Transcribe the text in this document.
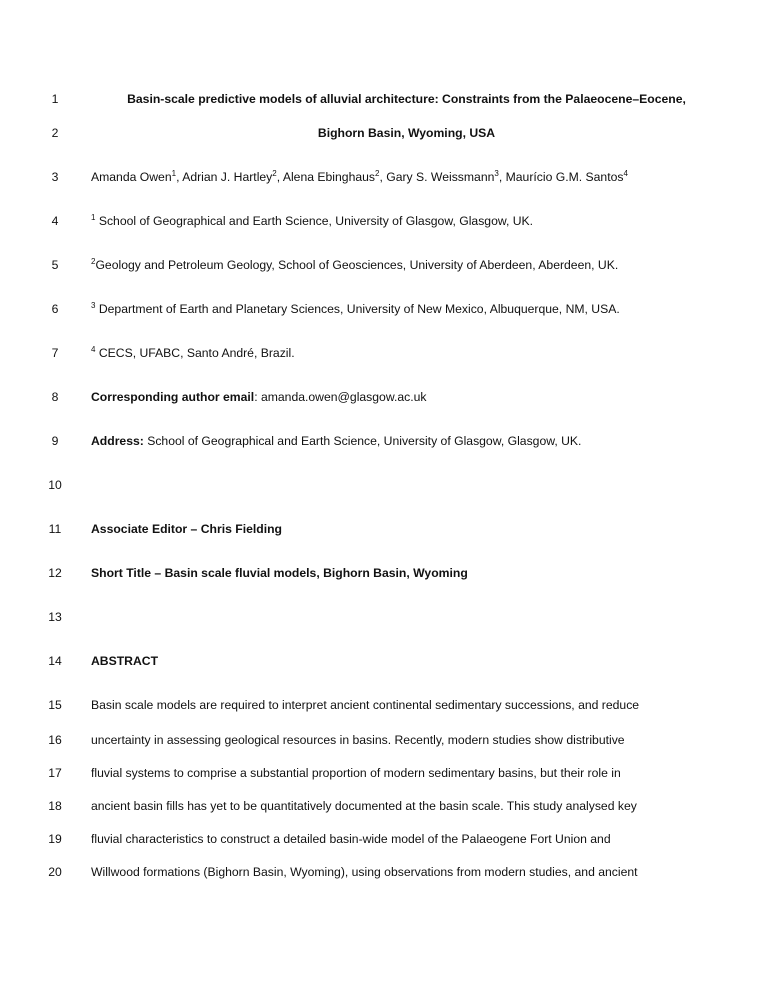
1	Basin-scale predictive models of alluvial architecture: Constraints from the Palaeocene–Eocene,
2	Bighorn Basin, Wyoming, USA
3	Amanda Owen$^1$, Adrian J. Hartley$^2$, Alena Ebinghaus$^2$, Gary S. Weissmann$^3$, Maurício G.M. Santos$^4$
4	$^1$ School of Geographical and Earth Science, University of Glasgow, Glasgow, UK.
5	$^2$Geology and Petroleum Geology, School of Geosciences, University of Aberdeen, Aberdeen, UK.
6	$^3$ Department of Earth and Planetary Sciences, University of New Mexico, Albuquerque, NM, USA.
7	$^4$ CECS, UFABC, Santo André, Brazil.
8	Corresponding author email: amanda.owen@glasgow.ac.uk
9	Address: School of Geographical and Earth Science, University of Glasgow, Glasgow, UK.
10
11	Associate Editor – Chris Fielding
12	Short Title – Basin scale fluvial models, Bighorn Basin, Wyoming
13
14	ABSTRACT
15	Basin scale models are required to interpret ancient continental sedimentary successions, and reduce
16	uncertainty in assessing geological resources in basins. Recently, modern studies show distributive
17	fluvial systems to comprise a substantial proportion of modern sedimentary basins, but their role in
18	ancient basin fills has yet to be quantitatively documented at the basin scale. This study analysed key
19	fluvial characteristics to construct a detailed basin-wide model of the Palaeogene Fort Union and
20	Willwood formations (Bighorn Basin, Wyoming), using observations from modern studies, and ancient
